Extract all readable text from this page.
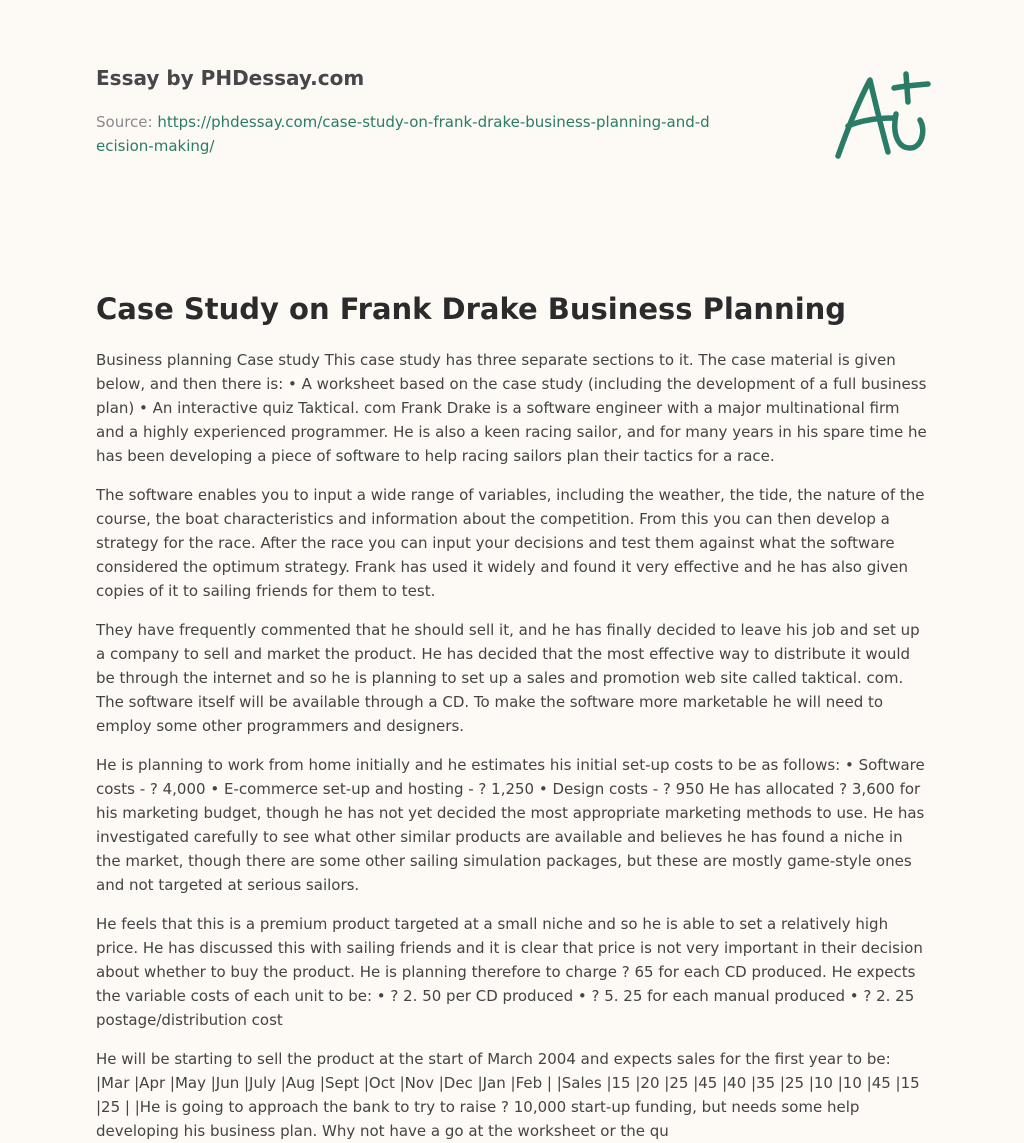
Essay by PHDessay.com

Source: https://phdessay.com/case-study-on-frank-drake-business-planning-and-decision-making/
Case Study on Frank Drake Business Planning

Business planning Case study This case study has three separate sections to it. The case material is given below, and then there is: • A worksheet based on the case study (including the development of a full business plan) • An interactive quiz Taktical. com Frank Drake is a software engineer with a major multinational firm and a highly experienced programmer. He is also a keen racing sailor, and for many years in his spare time he has been developing a piece of software to help racing sailors plan their tactics for a race.

The software enables you to input a wide range of variables, including the weather, the tide, the nature of the course, the boat characteristics and information about the competition. From this you can then develop a strategy for the race. After the race you can input your decisions and test them against what the software considered the optimum strategy. Frank has used it widely and found it very effective and he has also given copies of it to sailing friends for them to test.

They have frequently commented that he should sell it, and he has finally decided to leave his job and set up a company to sell and market the product. He has decided that the most effective way to distribute it would be through the internet and so he is planning to set up a sales and promotion web site called taktical. com. The software itself will be available through a CD. To make the software more marketable he will need to employ some other programmers and designers.

He is planning to work from home initially and he estimates his initial set-up costs to be as follows: • Software costs - ? 4,000 • E-commerce set-up and hosting - ? 1,250 • Design costs - ? 950 He has allocated ? 3,600 for his marketing budget, though he has not yet decided the most appropriate marketing methods to use. He has investigated carefully to see what other similar products are available and believes he has found a niche in the market, though there are some other sailing simulation packages, but these are mostly game-style ones and not targeted at serious sailors.

He feels that this is a premium product targeted at a small niche and so he is able to set a relatively high price. He has discussed this with sailing friends and it is clear that price is not very important in their decision about whether to buy the product. He is planning therefore to charge ? 65 for each CD produced. He expects the variable costs of each unit to be: • ? 2. 50 per CD produced • ? 5. 25 for each manual produced • ? 2. 25 postage/distribution cost

He will be starting to sell the product at the start of March 2004 and expects sales for the first year to be: |Mar |Apr |May |Jun |July |Aug |Sept |Oct |Nov |Dec |Jan |Feb | |Sales |15 |20 |25 |45 |40 |35 |25 |10 |10 |45 |15 |25 | |He is going to approach the bank to try to raise ? 10,000 start-up funding, but needs some help developing his business plan. Why not have a go at the worksheet or the qu
